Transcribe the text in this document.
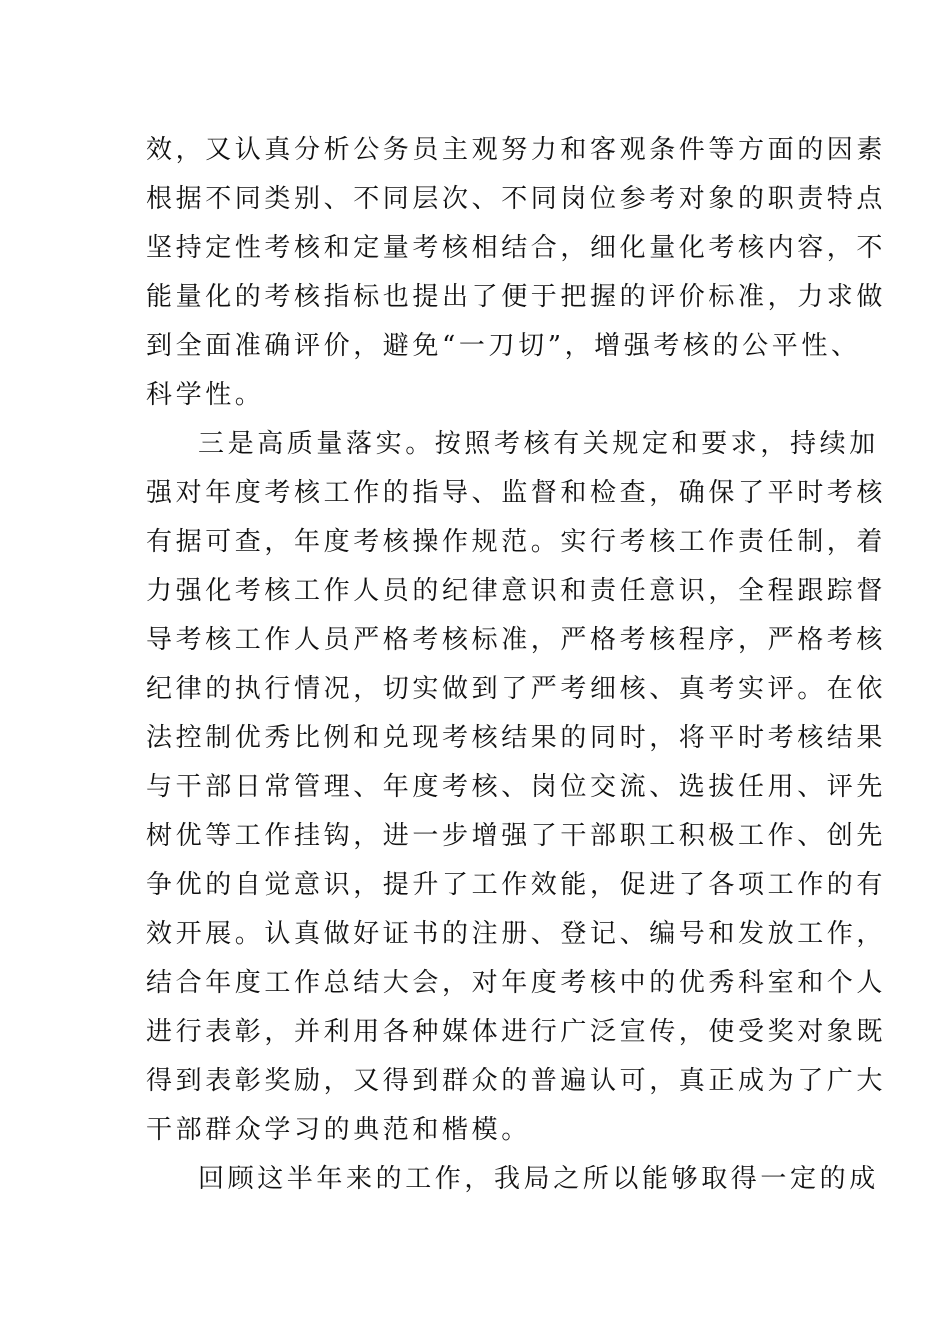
效，又认真分析公务员主观努力和客观条件等方面的因素
根据不同类别、不同层次、不同岗位参考对象的职责特点
坚持定性考核和定量考核相结合，细化量化考核内容，不
能量化的考核指标也提出了便于把握的评价标准，力求做
到全面准确评价，避免“一刀切”，增强考核的公平性、
科学性。
三是高质量落实。按照考核有关规定和要求，持续加
强对年度考核工作的指导、监督和检查，确保了平时考核
有据可查，年度考核操作规范。实行考核工作责任制，着
力强化考核工作人员的纪律意识和责任意识，全程跟踪督
导考核工作人员严格考核标准，严格考核程序，严格考核
纪律的执行情况，切实做到了严考细核、真考实评。在依
法控制优秀比例和兑现考核结果的同时，将平时考核结果
与干部日常管理、年度考核、岗位交流、选拔任用、评先
树优等工作挂钩，进一步增强了干部职工积极工作、创先
争优的自觉意识，提升了工作效能，促进了各项工作的有
效开展。认真做好证书的注册、登记、编号和发放工作，
结合年度工作总结大会，对年度考核中的优秀科室和个人
进行表彰，并利用各种媒体进行广泛宣传，使受奖对象既
得到表彰奖励，又得到群众的普遍认可，真正成为了广大
干部群众学习的典范和楷模。
回顾这半年来的工作，我局之所以能够取得一定的成
